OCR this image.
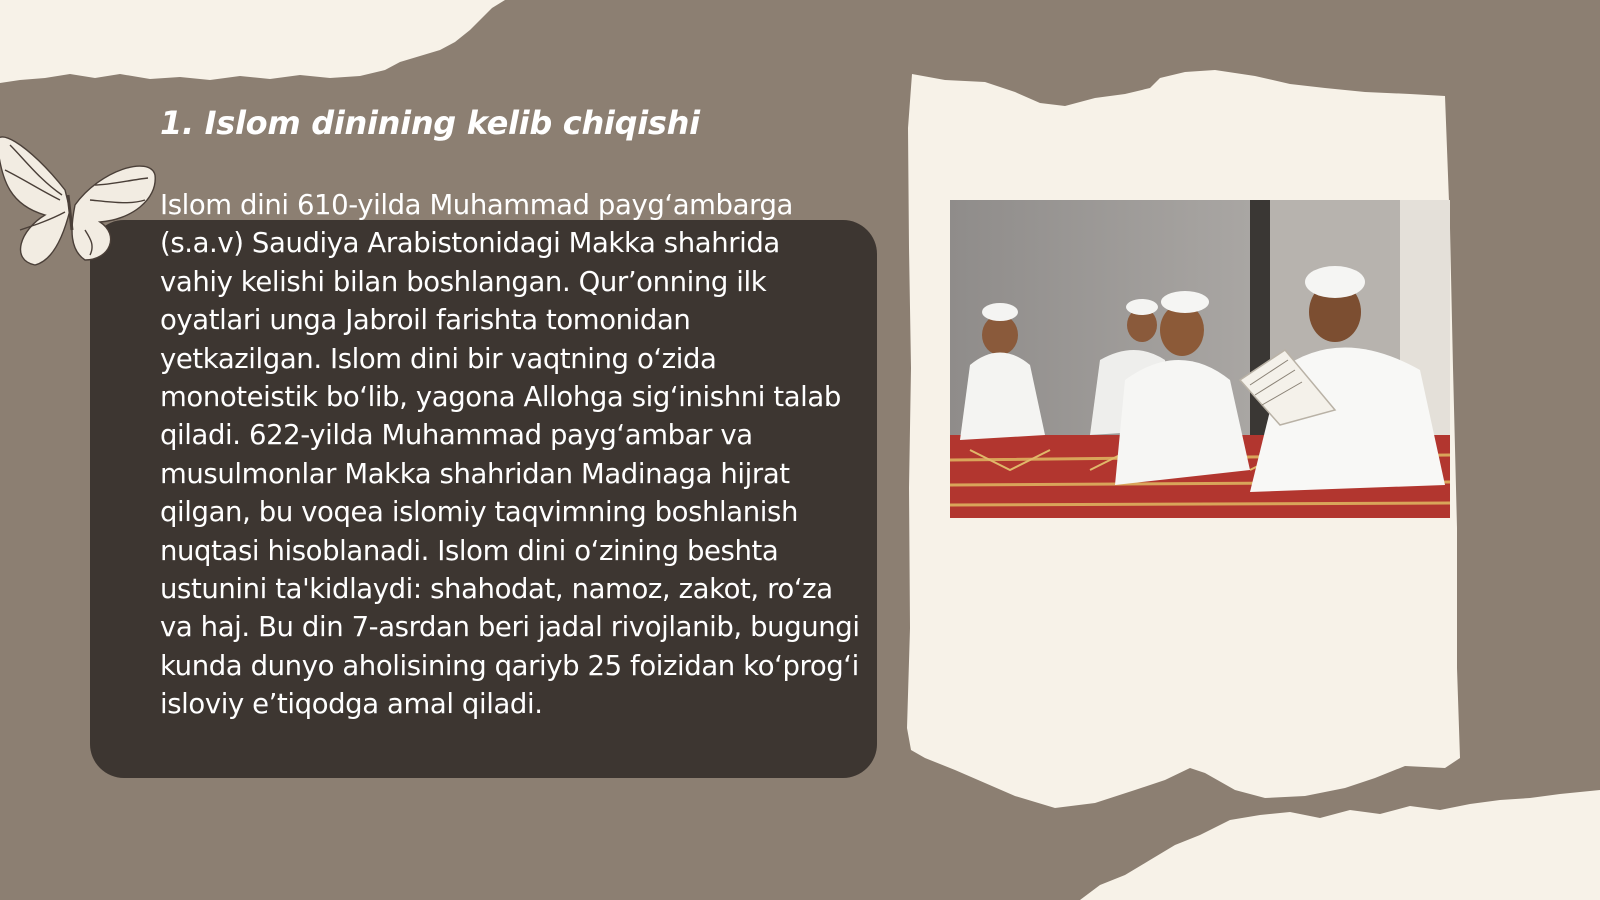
1. Islom dinining kelib chiqishi

Islom dini 610-yilda Muhammad payg‘ambarga (s.a.v) Saudiya Arabistonidagi Makka shahrida vahiy kelishi bilan boshlangan. Qur’onning ilk oyatlari unga Jabroil farishta tomonidan yetkazilgan. Islom dini bir vaqtning o‘zida monoteistik bo‘lib, yagona Allohga sig‘inishni talab qiladi. 622-yilda Muhammad payg‘ambar va musulmonlar Makka shahridan Madinaga hijrat qilgan, bu voqea islomiy taqvimning boshlanish nuqtasi hisoblanadi. Islom dini o‘zining beshta ustunini ta'kidlaydi: shahodat, namoz, zakot, ro‘za va haj. Bu din 7-asrdan beri jadal rivojlanib, bugungi kunda dunyo aholisining qariyb 25 foizidan ko‘prog‘i isloviy e’tiqodga amal qiladi.
